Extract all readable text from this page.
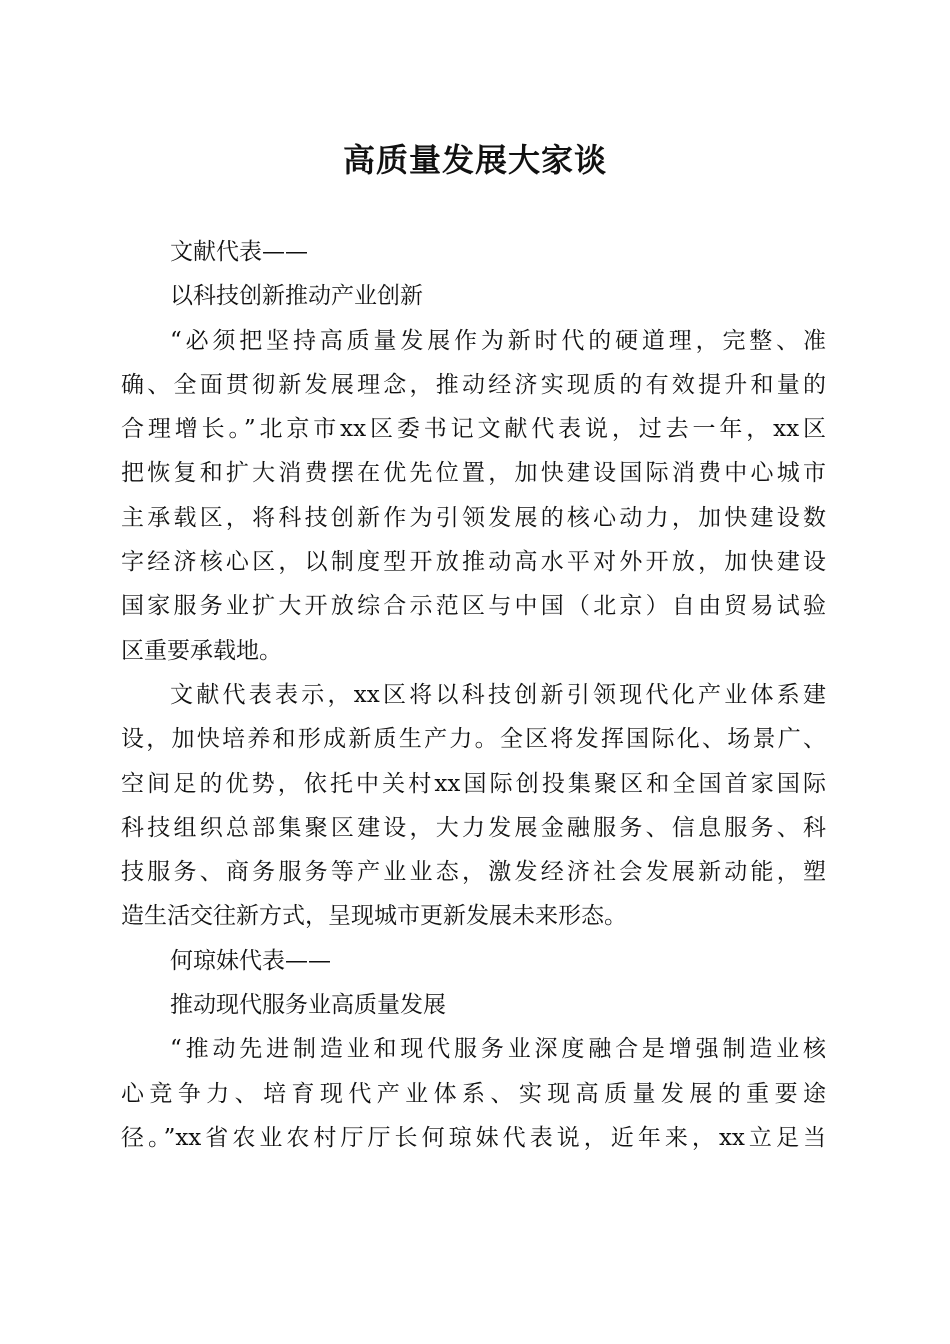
高质量发展大家谈
文献代表——
以科技创新推动产业创新
“必须把坚持高质量发展作为新时代的硬道理，完整、准
确、全面贯彻新发展理念，推动经济实现质的有效提升和量的
合理增长。”北京市xx区委书记文献代表说，过去一年，xx区
把恢复和扩大消费摆在优先位置，加快建设国际消费中心城市
主承载区，将科技创新作为引领发展的核心动力，加快建设数
字经济核心区，以制度型开放推动高水平对外开放，加快建设
国家服务业扩大开放综合示范区与中国（北京）自由贸易试验
区重要承载地。
文献代表表示，xx区将以科技创新引领现代化产业体系建
设，加快培养和形成新质生产力。全区将发挥国际化、场景广、
空间足的优势，依托中关村xx国际创投集聚区和全国首家国际
科技组织总部集聚区建设，大力发展金融服务、信息服务、科
技服务、商务服务等产业业态，激发经济社会发展新动能，塑
造生活交往新方式，呈现城市更新发展未来形态。
何琼妹代表——
推动现代服务业高质量发展
“推动先进制造业和现代服务业深度融合是增强制造业核
心竞争力、培育现代产业体系、实现高质量发展的重要途
径。”xx省农业农村厅厅长何琼妹代表说，近年来，xx立足当
